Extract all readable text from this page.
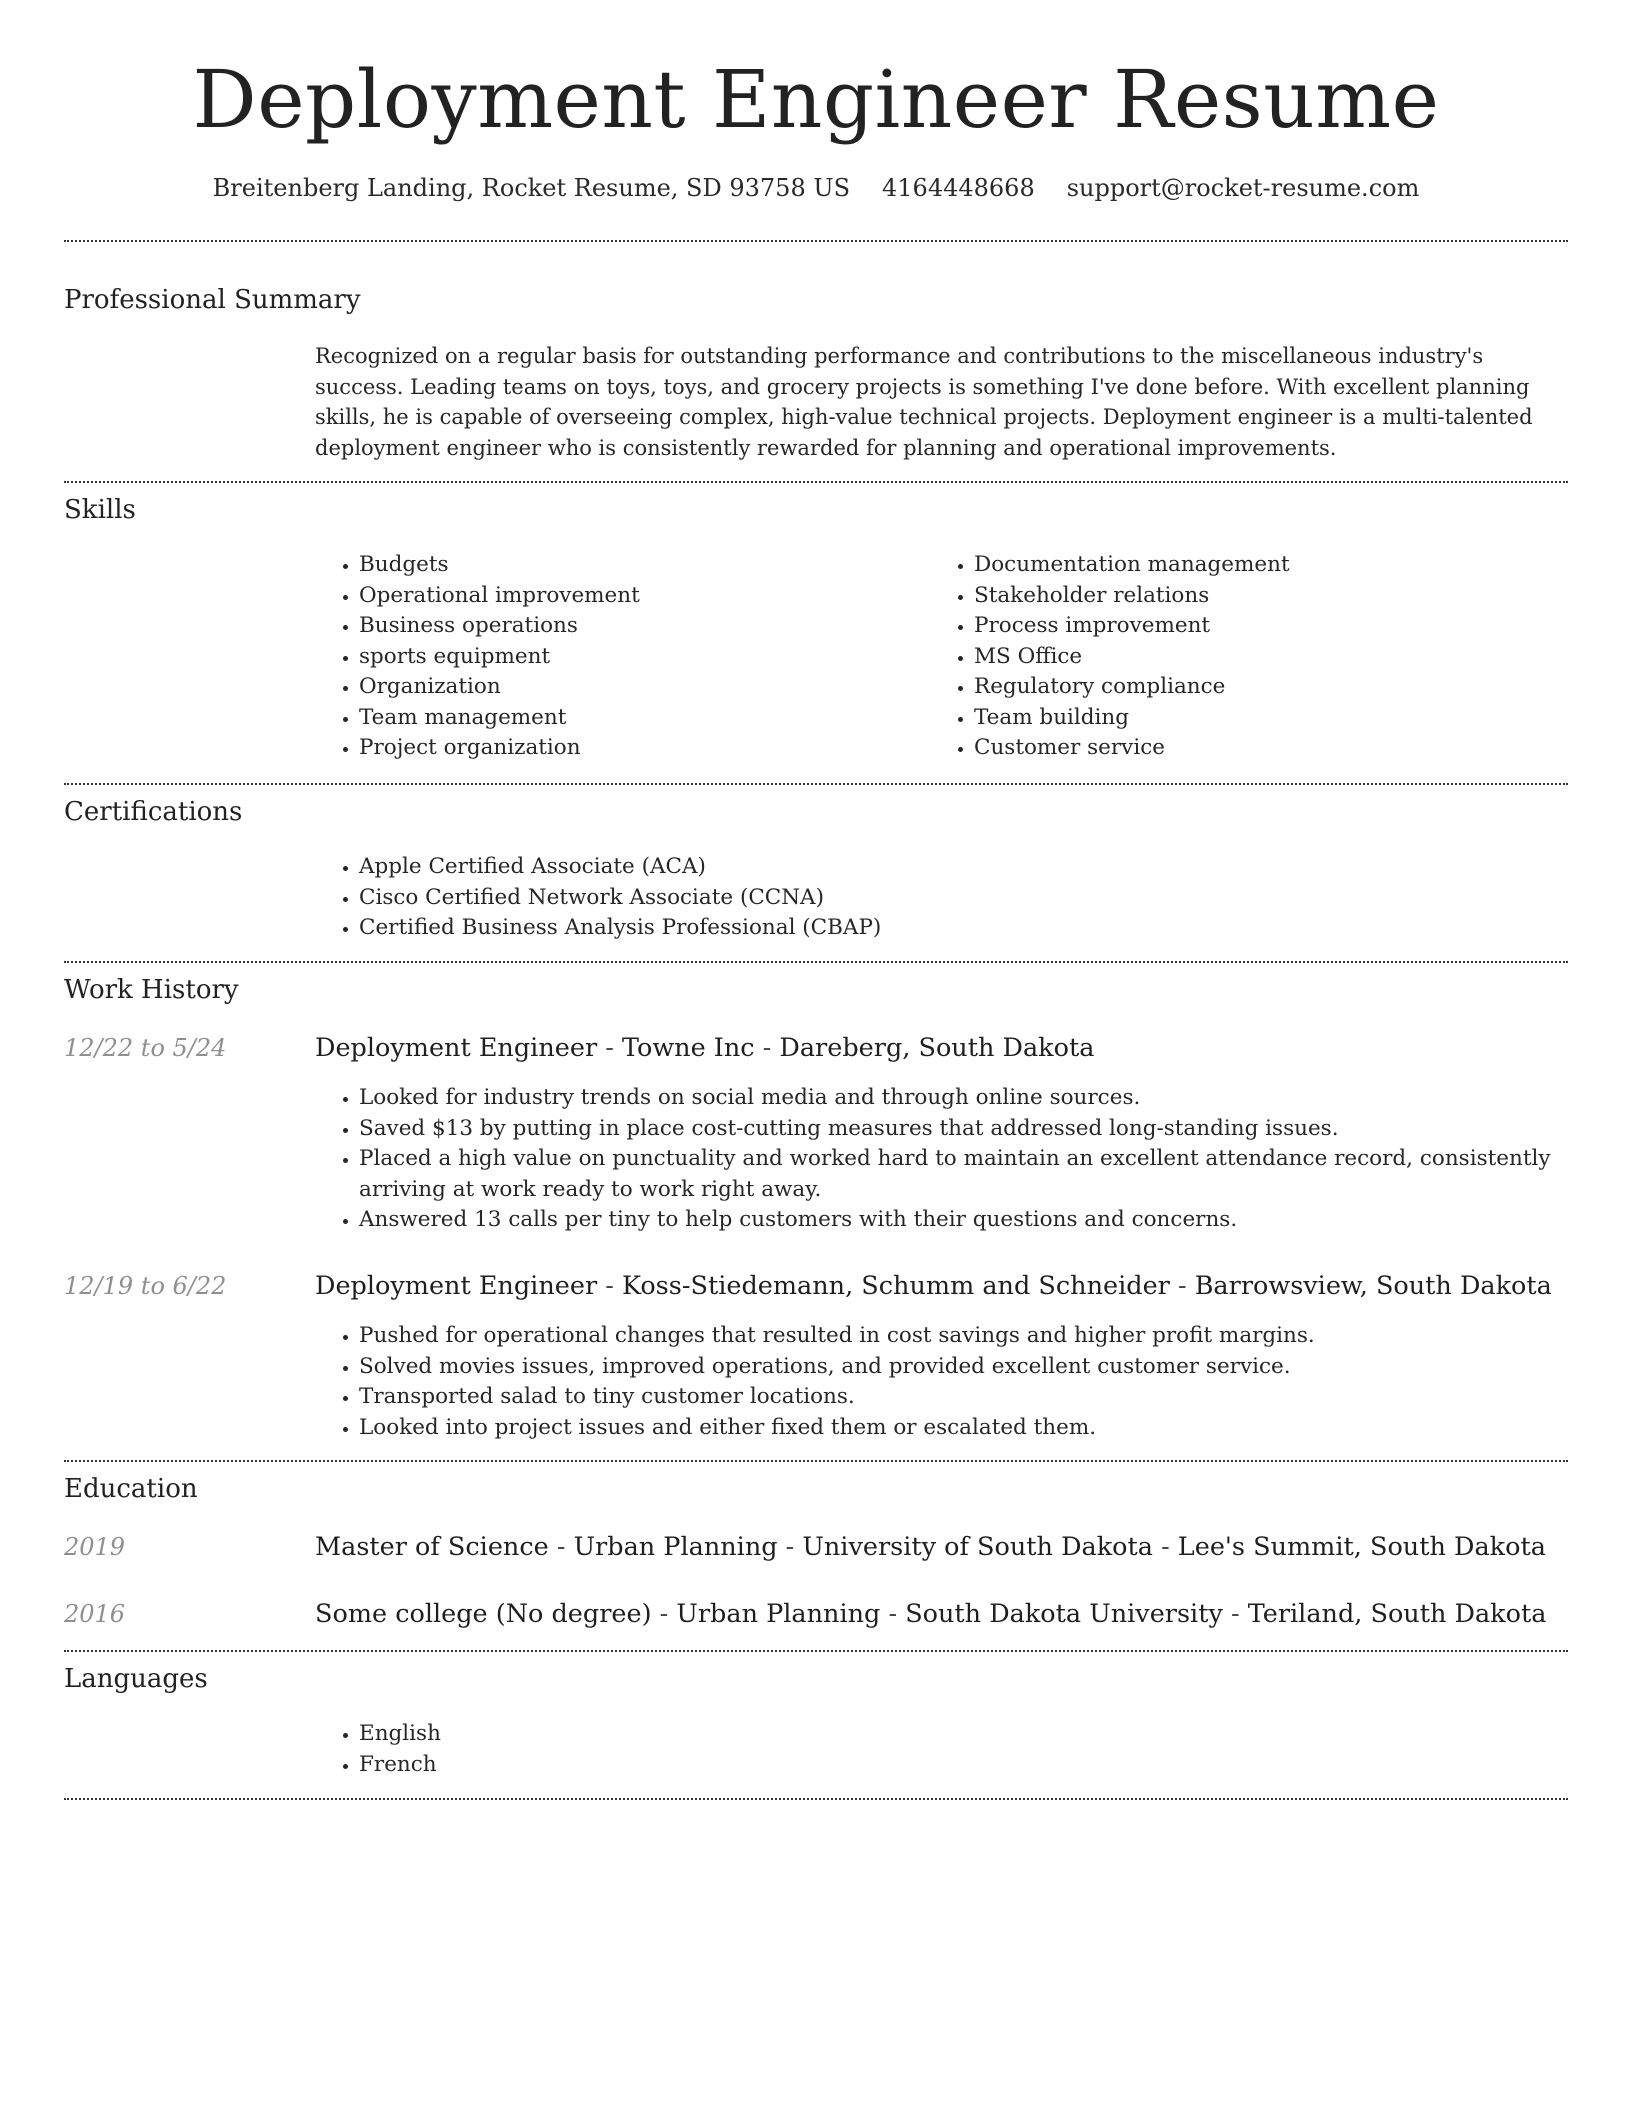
Deployment Engineer Resume
Breitenberg Landing, Rocket Resume, SD 93758 US 4164448668 support@rocket-resume.com
Professional Summary

Recognized on a regular basis for outstanding performance and contributions to the miscellaneous industry's success. Leading teams on toys, toys, and grocery projects is something I've done before. With excellent planning skills, he is capable of overseeing complex, high-value technical projects. Deployment engineer is a multi-talented deployment engineer who is consistently rewarded for planning and operational improvements.

Skills
• Budgets
• Operational improvement
• Business operations
• sports equipment
• Organization
• Team management
• Project organization
• Documentation management
• Stakeholder relations
• Process improvement
• MS Office
• Regulatory compliance
• Team building
• Customer service
Certifications
• Apple Certified Associate (ACA)
• Cisco Certified Network Associate (CCNA)
• Certified Business Analysis Professional (CBAP)
Work History
12/22 to 5/24	Deployment Engineer - Towne Inc - Dareberg, South Dakota
• Looked for industry trends on social media and through online sources.
• Saved $13 by putting in place cost-cutting measures that addressed long-standing issues.
• Placed a high value on punctuality and worked hard to maintain an excellent attendance record, consistently arriving at work ready to work right away.
• Answered 13 calls per tiny to help customers with their questions and concerns.
12/19 to 6/22	Deployment Engineer - Koss-Stiedemann, Schumm and Schneider - Barrowsview, South Dakota
• Pushed for operational changes that resulted in cost savings and higher profit margins.
• Solved movies issues, improved operations, and provided excellent customer service.
• Transported salad to tiny customer locations.
• Looked into project issues and either fixed them or escalated them.
Education
2019	Master of Science - Urban Planning - University of South Dakota - Lee's Summit, South Dakota
2016	Some college (No degree) - Urban Planning - South Dakota University - Teriland, South Dakota
Languages
• English
• French
